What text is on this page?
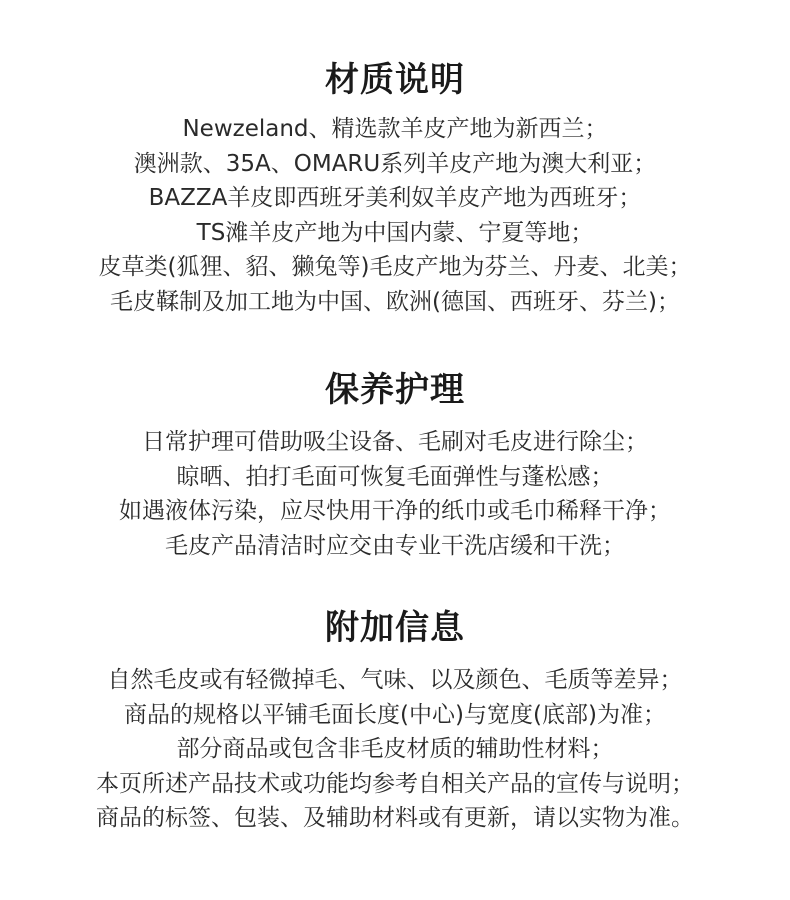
材质说明
Newzeland、精选款羊皮产地为新西兰；
澳洲款、35A、OMARU系列羊皮产地为澳大利亚；
BAZZA羊皮即西班牙美利奴羊皮产地为西班牙；
TS滩羊皮产地为中国内蒙、宁夏等地；
皮草类(狐狸、貂、獭兔等)毛皮产地为芬兰、丹麦、北美；
毛皮鞣制及加工地为中国、欧洲(德国、西班牙、芬兰)；
保养护理
日常护理可借助吸尘设备、毛刷对毛皮进行除尘；
晾晒、拍打毛面可恢复毛面弹性与蓬松感；
如遇液体污染，应尽快用干净的纸巾或毛巾稀释干净；
毛皮产品清洁时应交由专业干洗店缓和干洗；
附加信息
自然毛皮或有轻微掉毛、气味、以及颜色、毛质等差异；
商品的规格以平铺毛面长度(中心)与宽度(底部)为准；
部分商品或包含非毛皮材质的辅助性材料；
本页所述产品技术或功能均参考自相关产品的宣传与说明；
商品的标签、包装、及辅助材料或有更新，请以实物为准。
